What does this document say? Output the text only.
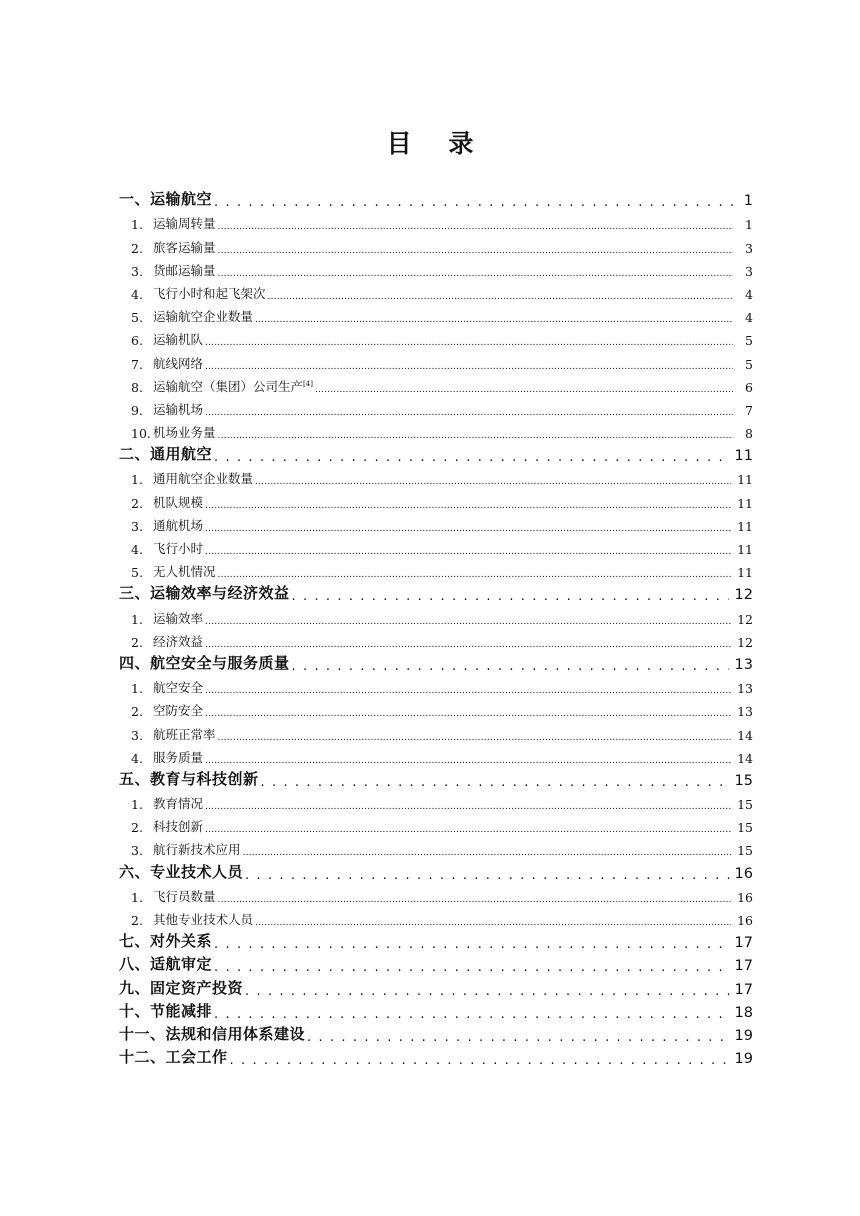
目 录
一、运输航空 . . .	1
1. 运输周转量 .....	1
2. 旅客运输量 .....	3
3. 货邮运输量 .....	3
4. 飞行小时和起飞架次 .....	4
5. 运输航空企业数量 .....	4
6. 运输机队 .....	5
7. 航线网络 .....	5
8. 运输航空（集团）公司生产[4] .....	6
9. 运输机场 .....	7
10. 机场业务量 .....	8
二、通用航空 . . .	11
1. 通用航空企业数量 .....	11
2. 机队规模 .....	11
3. 通航机场 .....	11
4. 飞行小时 .....	11
5. 无人机情况 .....	11
三、运输效率与经济效益 . . .	12
1. 运输效率 .....	12
2. 经济效益 .....	12
四、航空安全与服务质量 . . .	13
1. 航空安全 .....	13
2. 空防安全 .....	13
3. 航班正常率 .....	14
4. 服务质量 .....	14
五、教育与科技创新 . . .	15
1. 教育情况 .....	15
2. 科技创新 .....	15
3. 航行新技术应用 .....	15
六、专业技术人员 . . .	16
1. 飞行员数量 .....	16
2. 其他专业技术人员 .....	16
七、对外关系 . . .	17
八、适航审定 . . .	17
九、固定资产投资 . . .	17
十、节能减排 . . .	18
十一、法规和信用体系建设 . . .	19
十二、工会工作 . . .	19
